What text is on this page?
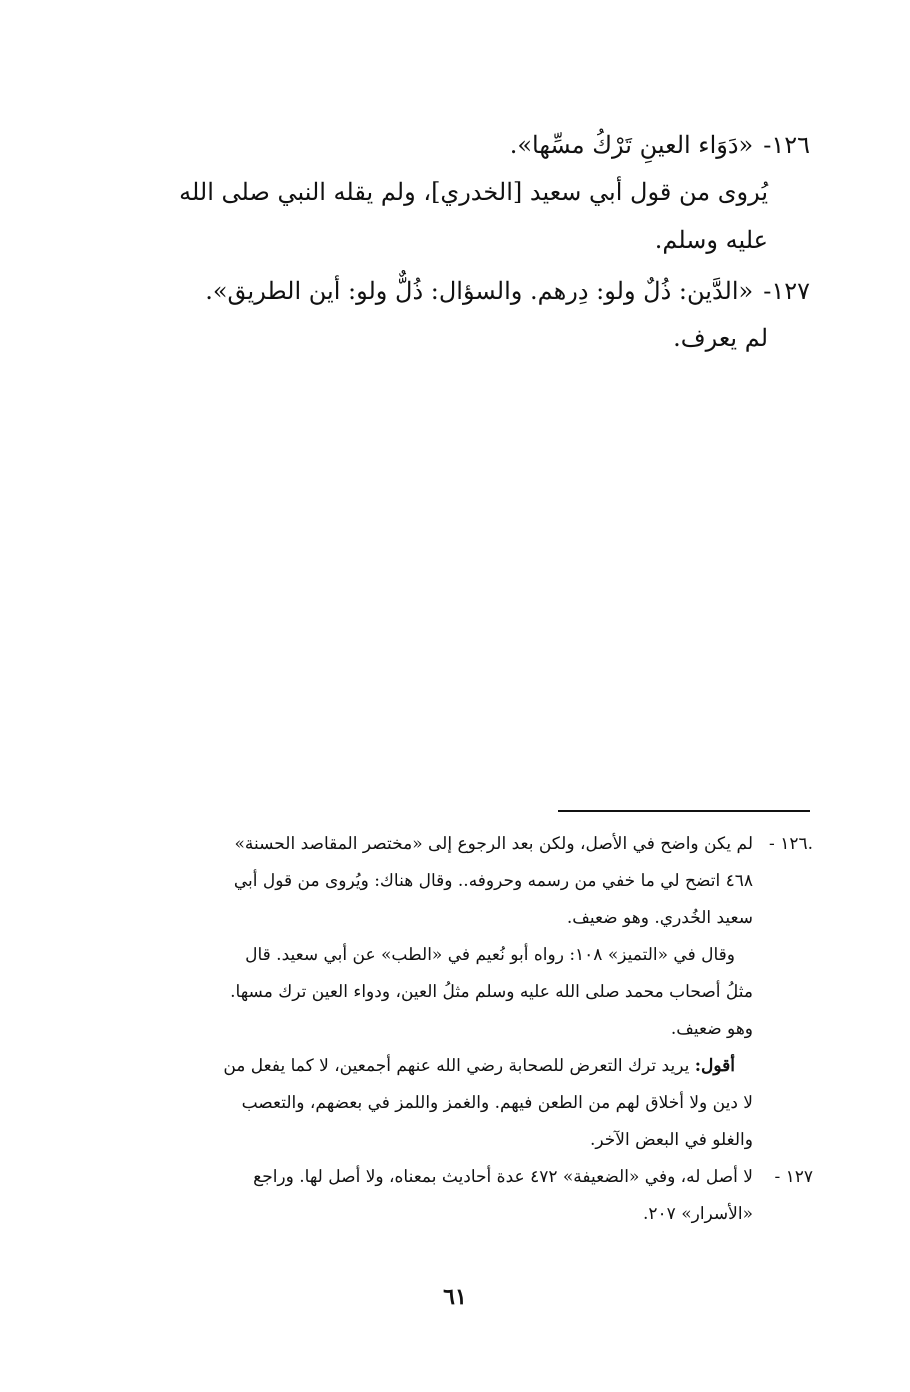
١٢٦-
«دَوَاء العينِ تَرْكُ مسِّها».

يُروى من قول أبي سعيد [الخدري]، ولم يقله النبي صلى الله

عليه وسلم.

١٢٧-
«الدَّين: ذُلٌ ولو: دِرهم. والسؤال: ذُلٌّ ولو: أين الطريق».

لم يعرف.

.١٢٦ -

لم يكن واضح في الأصل، ولكن بعد الرجوع إلى «مختصر المقاصد الحسنة»

٤٦٨ اتضح لي ما خفي من رسمه وحروفه.. وقال هناك: ويُروى من قول أبي

سعيد الخُدري. وهو ضعيف.

وقال في «التميز» ١٠٨: رواه أبو نُعيم في «الطب» عن أبي سعيد. قال

مثلُ أصحاب محمد صلى الله عليه وسلم مثلُ العين، ودواء العين ترك مسها.

وهو ضعيف.

أقول: يريد ترك التعرض للصحابة رضي الله عنهم أجمعين، لا كما يفعل من

لا دين ولا أخلاق لهم من الطعن فيهم. والغمز واللمز في بعضهم، والتعصب

والغلو في البعض الآخر.

١٢٧ -

لا أصل له، وفي «الضعيفة» ٤٧٢ عدة أحاديث بمعناه، ولا أصل لها. وراجع

«الأسرار» ٢٠٧.

٦١
